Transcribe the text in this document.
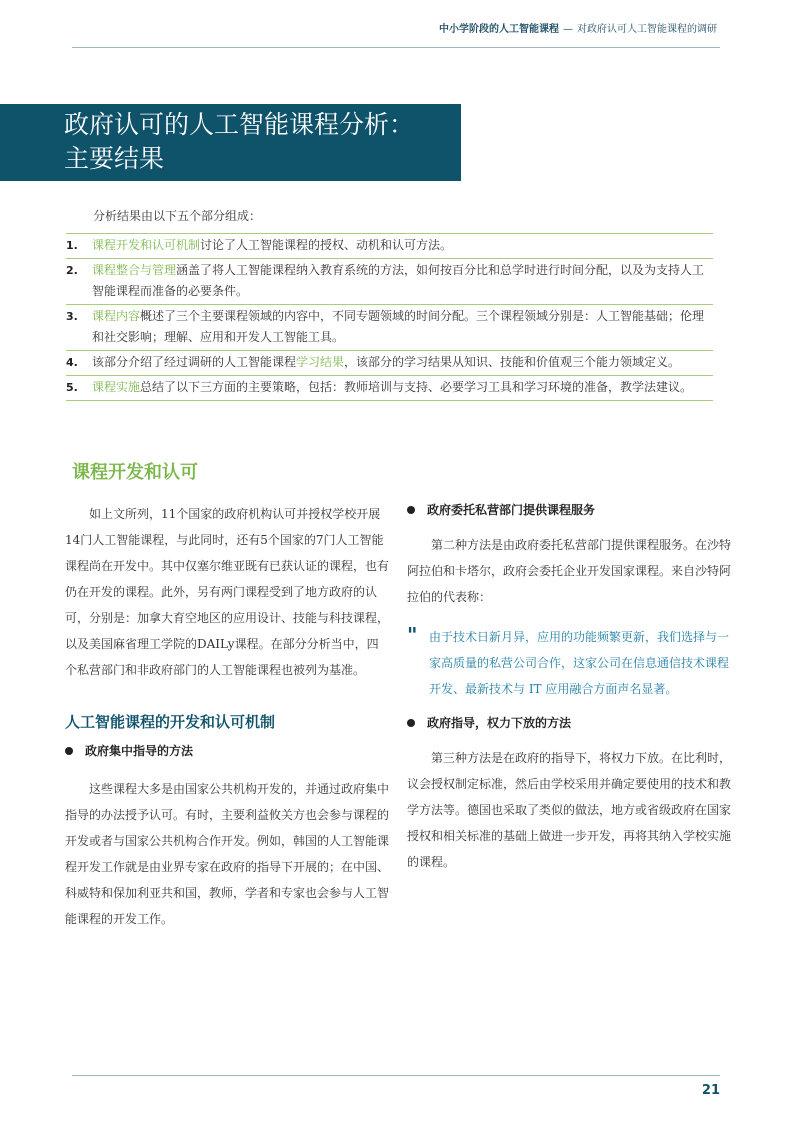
中小学阶段的人工智能课程 — 对政府认可人工智能课程的调研
政府认可的人工智能课程分析：
主要结果
分析结果由以下五个部分组成：
1.	课程开发和认可机制讨论了人工智能课程的授权、动机和认可方法。
2.	课程整合与管理涵盖了将人工智能课程纳入教育系统的方法，如何按百分比和总学时进行时间分配，以及为支持人工智能课程而准备的必要条件。
3.	课程内容概述了三个主要课程领域的内容中，不同专题领域的时间分配。三个课程领域分别是：人工智能基础；伦理和社交影响；理解、应用和开发人工智能工具。
4.	该部分介绍了经过调研的人工智能课程学习结果，该部分的学习结果从知识、技能和价值观三个能力领域定义。
5.	课程实施总结了以下三方面的主要策略，包括：教师培训与支持、必要学习工具和学习环境的准备，教学法建议。
课程开发和认可

如上文所列，11个国家的政府机构认可并授权学校开展14门人工智能课程，与此同时，还有5个国家的7门人工智能课程尚在开发中。其中仅塞尔维亚既有已获认证的课程，也有仍在开发的课程。此外，另有两门课程受到了地方政府的认可，分别是：加拿大育空地区的应用设计、技能与科技课程，以及美国麻省理工学院的DAILy课程。在部分分析当中，四个私营部门和非政府部门的人工智能课程也被列为基准。

人工智能课程的开发和认可机制

政府集中指导的方法

这些课程大多是由国家公共机构开发的，并通过政府集中指导的办法授予认可。有时，主要利益攸关方也会参与课程的开发或者与国家公共机构合作开发。例如，韩国的人工智能课程开发工作就是由业界专家在政府的指导下开展的；在中国、科威特和保加利亚共和国，教师，学者和专家也会参与人工智能课程的开发工作。

政府委托私营部门提供课程服务

第二种方法是由政府委托私营部门提供课程服务。在沙特阿拉伯和卡塔尔，政府会委托企业开发国家课程。来自沙特阿拉伯的代表称：

" 由于技术日新月异，应用的功能频繁更新，我们选择与一家高质量的私营公司合作，这家公司在信息通信技术课程开发、最新技术与 IT 应用融合方面声名显著。
政府指导，权力下放的方法

第三种方法是在政府的指导下，将权力下放。在比利时，议会授权制定标准，然后由学校采用并确定要使用的技术和教学方法等。德国也采取了类似的做法，地方或省级政府在国家授权和相关标准的基础上做进一步开发，再将其纳入学校实施的课程。

21
